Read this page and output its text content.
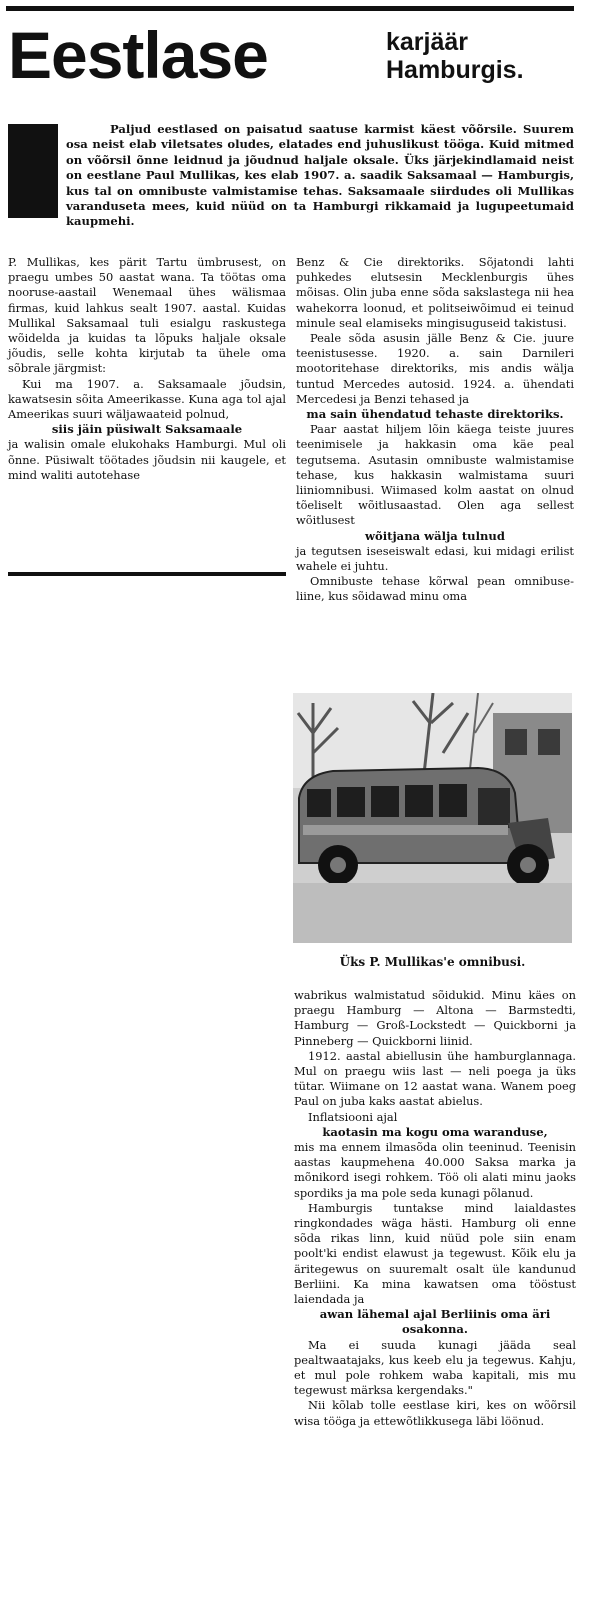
Eestlase	karjäär
Hamburgis.

Paljud eestlased on paisatud saatuse karmist käest võõrsile. Suurem osa neist elab viletsates oludes, elatades end juhuslikust tööga. Kuid mitmed on võõrsil õnne leidnud ja jõudnud haljale oksale. Üks järjekindlamaid neist on eestlane Paul Mullikas, kes elab 1907. a. saadik Saksamaal — Hamburgis, kus tal on omnibuste valmistamise tehas. Saksamaale siirdudes oli Mullikas varanduseta mees, kuid nüüd on ta Hamburgi rikkamaid ja lugupeetumaid kaupmehi.

P. Mullikas, kes pärit Tartu ümbrusest, on praegu umbes 50 aastat wana. Ta töötas oma nooruse-aastail Wenemaal ühes wälismaa firmas, kuid lahkus sealt 1907. aastal. Kuidas Mullikal Saksamaal tuli esialgu raskustega wõidelda ja kuidas ta lõpuks haljale oksale jõudis, selle kohta kirjutab ta ühele oma sõbrale järgmist:

Kui ma 1907. a. Saksamaale jõudsin, kawatsesin sõita Ameerikasse. Kuna aga tol ajal Ameerikas suuri wäljawaateid polnud,

siis jäin püsiwalt Saksamaale

ja walisin omale elukohaks Hamburgi. Mul oli õnne. Püsiwalt töötades jõudsin nii kaugele, et mind waliti autotehase

Benz & Cie direktoriks. Sõjatondi lahti puhkedes elutsesin Mecklenburgis ühes mõisas. Olin juba enne sõda sakslastega nii hea wahekorra loonud, et politseiwõimud ei teinud minule seal elamiseks mingisuguseid takistusi.

Peale sõda asusin jälle Benz & Cie. juure teenistusesse. 1920. a. sain Darnileri mootoritehase direktoriks, mis andis wälja tuntud Mercedes autosid. 1924. a. ühendati Mercedesi ja Benzi tehased ja

ma sain ühendatud tehaste direktoriks.

Paar aastat hiljem lõin käega teiste juures teenimisele ja hakkasin oma käe peal tegutsema. Asutasin omnibuste walmistamise tehase, kus hakkasin walmistama suuri liiniomnibusi. Wiimased kolm aastat on olnud tõeliselt wõitlusaastad. Olen aga sellest wõitlusest

wõitjana wälja tulnud

ja tegutsen iseseiswalt edasi, kui midagi erilist wahele ei juhtu.

Omnibuste tehase kõrwal pean omnibuse-liine, kus sõidawad minu oma

Üks P. Mullikas'e omnibusi.

wabrikus walmistatud sõidukid. Minu käes on praegu Hamburg — Altona — Barmstedti, Hamburg — Groß-Lockstedt — Quickborni ja Pinneberg — Quickborni liinid.

1912. aastal abiellusin ühe hamburglannaga. Mul on praegu wiis last — neli poega ja üks tütar. Wiimane on 12 aastat wana. Wanem poeg Paul on juba kaks aastat abielus.

Inflatsiooni ajal

kaotasin ma kogu oma waranduse,

mis ma ennem ilmasõda olin teeninud. Teenisin aastas kaupmehena 40.000 Saksa marka ja mõnikord isegi rohkem. Töö oli alati minu jaoks spordiks ja ma pole seda kunagi põlanud.

Hamburgis tuntakse mind laialdastes ringkondades wäga hästi. Hamburg oli enne sõda rikas linn, kuid nüüd pole siin enam poolt'ki endist elawust ja tegewust. Kõik elu ja äritegewus on suuremalt osalt üle kandunud Berliini. Ka mina kawatsen oma tööstust laiendada ja

awan lähemal ajal Berliinis oma äri osakonna.

Ma ei suuda kunagi jääda seal pealtwaatajaks, kus keeb elu ja tegewus. Kahju, et mul pole rohkem waba kapitali, mis mu tegewust märksa kergendaks."

Nii kõlab tolle eestlase kiri, kes on wõõrsil wisa tööga ja ettewõtlikkusega läbi löönud.
